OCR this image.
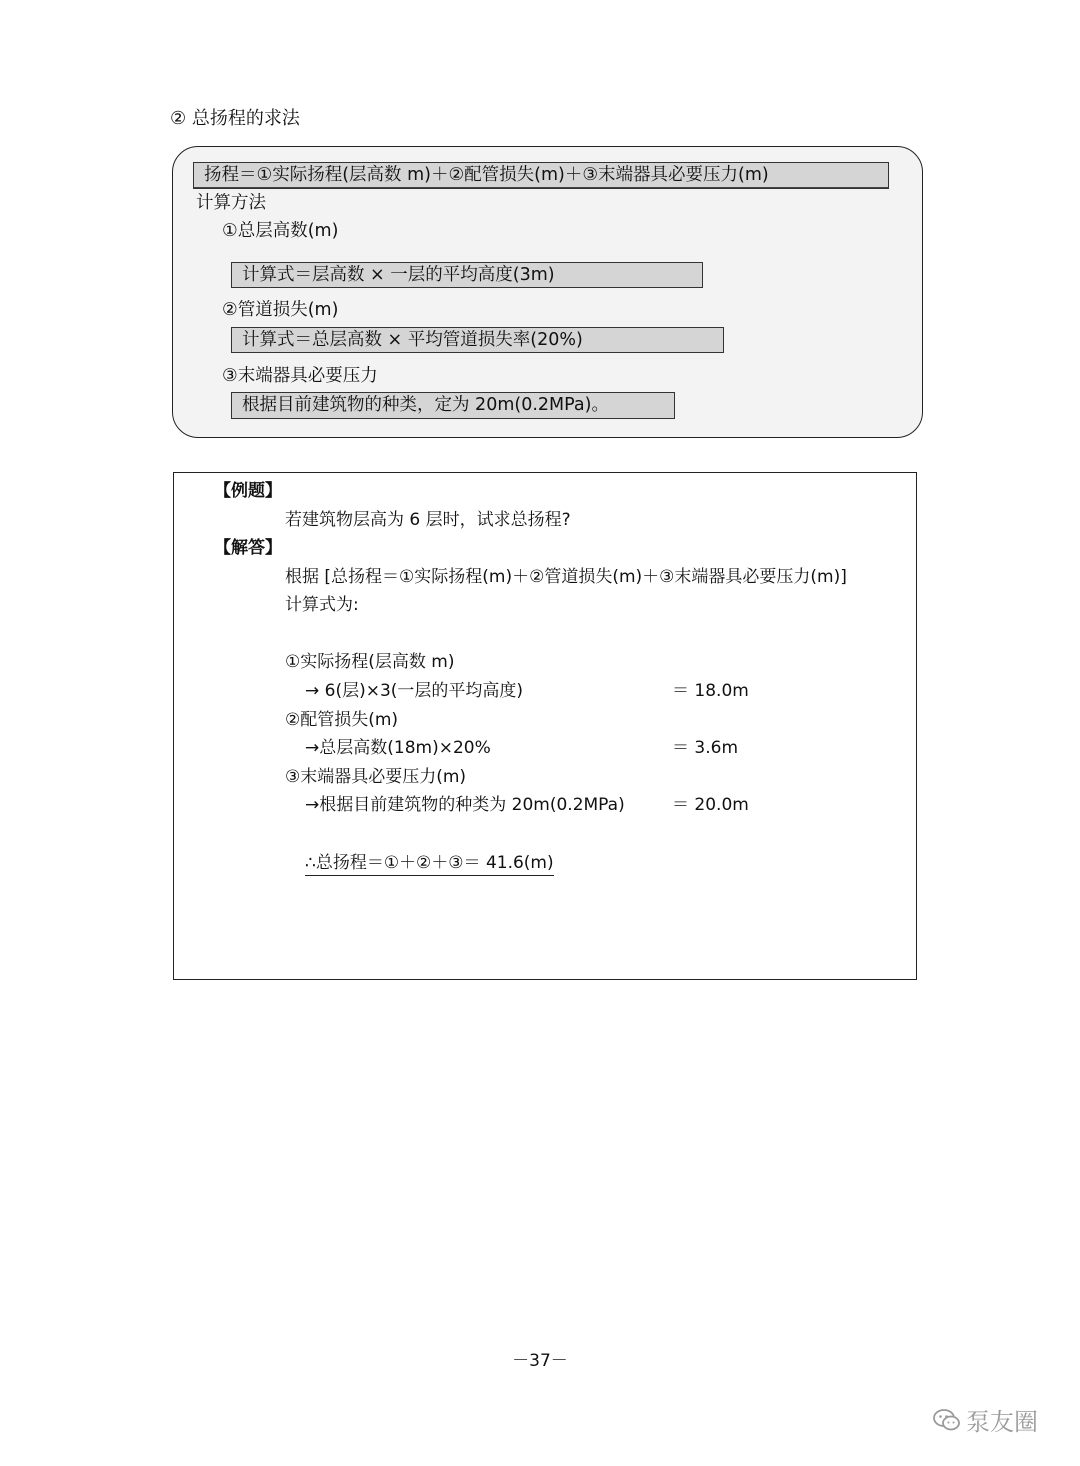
② 总扬程的求法
扬程＝①实际扬程(层高数 m)＋②配管损失(m)＋③末端器具必要压力(m)
计算方法
①总层高数(m)
计算式＝层高数 × 一层的平均高度(3m)
②管道损失(m)
计算式＝总层高数 × 平均管道损失率(20%)
③末端器具必要压力
根据目前建筑物的种类，定为 20m(0.2MPa)。
【例题】
若建筑物层高为 6 层时，试求总扬程?
【解答】
根据 [总扬程＝①实际扬程(m)＋②管道损失(m)＋③末端器具必要压力(m)]
计算式为:
①实际扬程(层高数 m)
→ 6(层)×3(一层的平均高度)	＝ 18.0m
②配管损失(m)
→总层高数(18m)×20%	＝ 3.6m
③末端器具必要压力(m)
→根据目前建筑物的种类为 20m(0.2MPa)	＝ 20.0m
∴总扬程＝①＋②＋③＝ 41.6(m)
－37－
泵友圈
